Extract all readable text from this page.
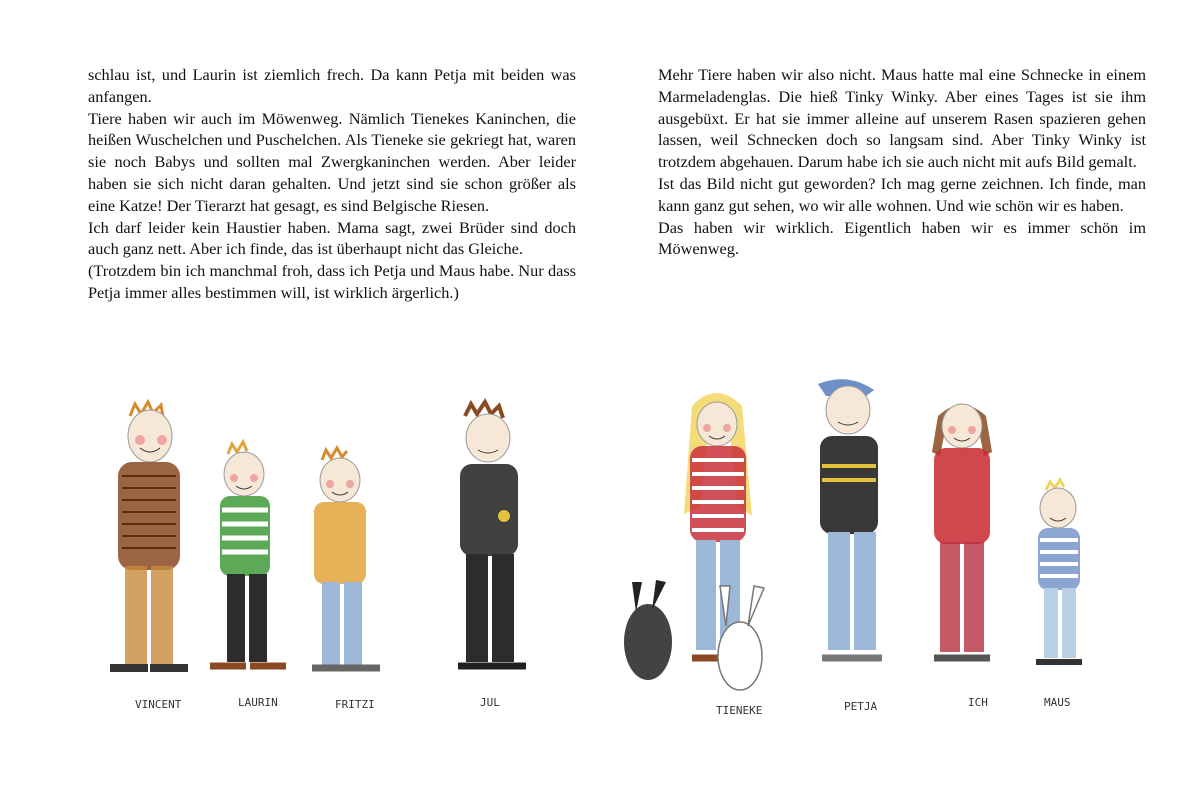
schlau ist, und Laurin ist ziemlich frech. Da kann Petja mit beiden was anfangen.

Tiere haben wir auch im Möwenweg. Nämlich Tienekes Kaninchen, die heißen Wuschelchen und Puschelchen. Als Tieneke sie gekriegt hat, waren sie noch Babys und sollten mal Zwergkaninchen werden. Aber leider haben sie sich nicht daran gehalten. Und jetzt sind sie schon größer als eine Katze! Der Tierarzt hat gesagt, es sind Belgische Riesen.

Ich darf leider kein Haustier haben. Mama sagt, zwei Brüder sind doch auch ganz nett. Aber ich finde, das ist überhaupt nicht das Gleiche.

(Trotzdem bin ich manchmal froh, dass ich Petja und Maus habe. Nur dass Petja immer alles bestimmen will, ist wirklich ärgerlich.)

VINCENT	LAURIN	FRITZI	JUL

Mehr Tiere haben wir also nicht. Maus hatte mal eine Schnecke in einem Marmeladenglas. Die hieß Tinky Winky. Aber eines Tages ist sie ihm ausgebüxt. Er hat sie immer alleine auf unserem Rasen spazieren gehen lassen, weil Schnecken doch so langsam sind. Aber Tinky Winky ist trotzdem abgehauen. Darum habe ich sie auch nicht mit aufs Bild gemalt.

Ist das Bild nicht gut geworden? Ich mag gerne zeichnen. Ich finde, man kann ganz gut sehen, wo wir alle wohnen. Und wie schön wir es haben.

Das haben wir wirklich. Eigentlich haben wir es immer schön im Möwenweg.

TIENEKE	PETJA	ICH	MAUS
